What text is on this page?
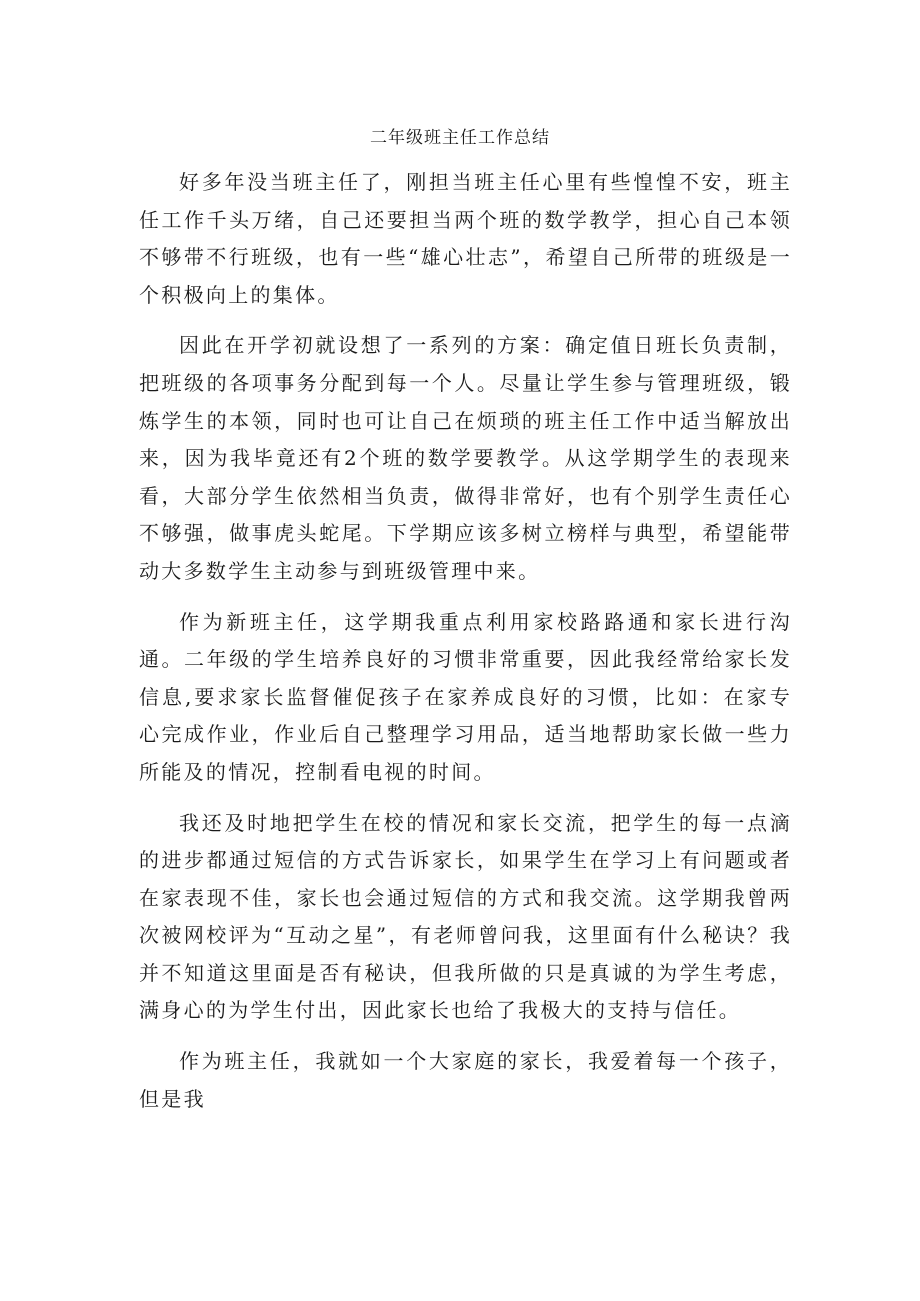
二年级班主任工作总结

好多年没当班主任了，刚担当班主任心里有些惶惶不安，班主任工作千头万绪，自己还要担当两个班的数学教学，担心自己本领不够带不行班级，也有一些“雄心壮志”，希望自己所带的班级是一个积极向上的集体。

因此在开学初就设想了一系列的方案：确定值日班长负责制，把班级的各项事务分配到每一个人。尽量让学生参与管理班级，锻炼学生的本领，同时也可让自己在烦琐的班主任工作中适当解放出来，因为我毕竟还有2个班的数学要教学。从这学期学生的表现来看，大部分学生依然相当负责，做得非常好，也有个别学生责任心不够强，做事虎头蛇尾。下学期应该多树立榜样与典型，希望能带动大多数学生主动参与到班级管理中来。

作为新班主任，这学期我重点利用家校路路通和家长进行沟通。二年级的学生培养良好的习惯非常重要，因此我经常给家长发信息,要求家长监督催促孩子在家养成良好的习惯，比如：在家专心完成作业，作业后自己整理学习用品，适当地帮助家长做一些力所能及的情况，控制看电视的时间。

我还及时地把学生在校的情况和家长交流，把学生的每一点滴的进步都通过短信的方式告诉家长，如果学生在学习上有问题或者在家表现不佳，家长也会通过短信的方式和我交流。这学期我曾两次被网校评为“互动之星”，有老师曾问我，这里面有什么秘诀？我并不知道这里面是否有秘诀，但我所做的只是真诚的为学生考虑，满身心的为学生付出，因此家长也给了我极大的支持与信任。

作为班主任，我就如一个大家庭的家长，我爱着每一个孩子，但是我
